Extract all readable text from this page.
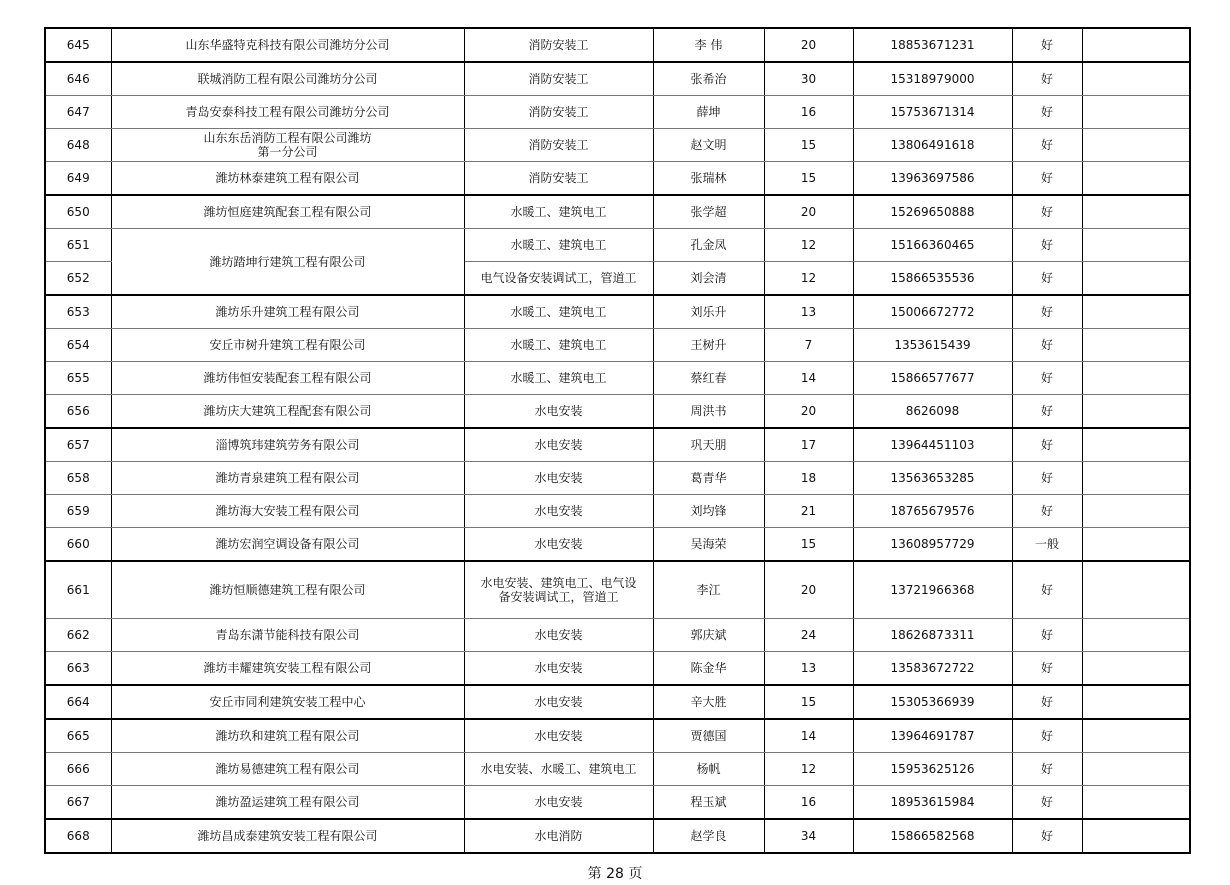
645	山东华盛特克科技有限公司潍坊分公司	消防安装工	李 伟	20	18853671231	好	
646	联城消防工程有限公司潍坊分公司	消防安装工	张希治	30	15318979000	好	
647	青岛安泰科技工程有限公司潍坊分公司	消防安装工	薛坤	16	15753671314	好	
648	山东东岳消防工程有限公司潍坊
第一分公司	消防安装工	赵文明	15	13806491618	好	
649	潍坊林泰建筑工程有限公司	消防安装工	张瑞林	15	13963697586	好	
650	潍坊恒庭建筑配套工程有限公司	水暖工、建筑电工	张学超	20	15269650888	好	
651	潍坊踏坤行建筑工程有限公司	水暖工、建筑电工	孔金凤	12	15166360465	好	
652		电气设备安装调试工，管道工	刘会清	12	15866535536	好	
653	潍坊乐升建筑工程有限公司	水暖工、建筑电工	刘乐升	13	15006672772	好	
654	安丘市树升建筑工程有限公司	水暖工、建筑电工	王树升	7	1353615439	好	
655	潍坊伟恒安装配套工程有限公司	水暖工、建筑电工	蔡红春	14	15866577677	好	
656	潍坊庆大建筑工程配套有限公司	水电安装	周洪书	20	8626098	好	
657	淄博筑玮建筑劳务有限公司	水电安装	巩天朋	17	13964451103	好	
658	潍坊青泉建筑工程有限公司	水电安装	葛青华	18	13563653285	好	
659	潍坊海大安装工程有限公司	水电安装	刘均锋	21	18765679576	好	
660	潍坊宏润空调设备有限公司	水电安装	吴海荣	15	13608957729	一般	
661	潍坊恒顺德建筑工程有限公司	水电安装、建筑电工、电气设
备安装调试工，管道工	李江	20	13721966368	好	
662	青岛东潇节能科技有限公司	水电安装	郭庆斌	24	18626873311	好	
663	潍坊丰耀建筑安装工程有限公司	水电安装	陈金华	13	13583672722	好	
664	安丘市同利建筑安装工程中心	水电安装	辛大胜	15	15305366939	好	
665	潍坊玖和建筑工程有限公司	水电安装	贾德国	14	13964691787	好	
666	潍坊易德建筑工程有限公司	水电安装、水暖工、建筑电工	杨帆	12	15953625126	好	
667	潍坊盈运建筑工程有限公司	水电安装	程玉斌	16	18953615984	好	
668	潍坊昌成泰建筑安装工程有限公司	水电消防	赵学良	34	15866582568	好	
第 28 页
